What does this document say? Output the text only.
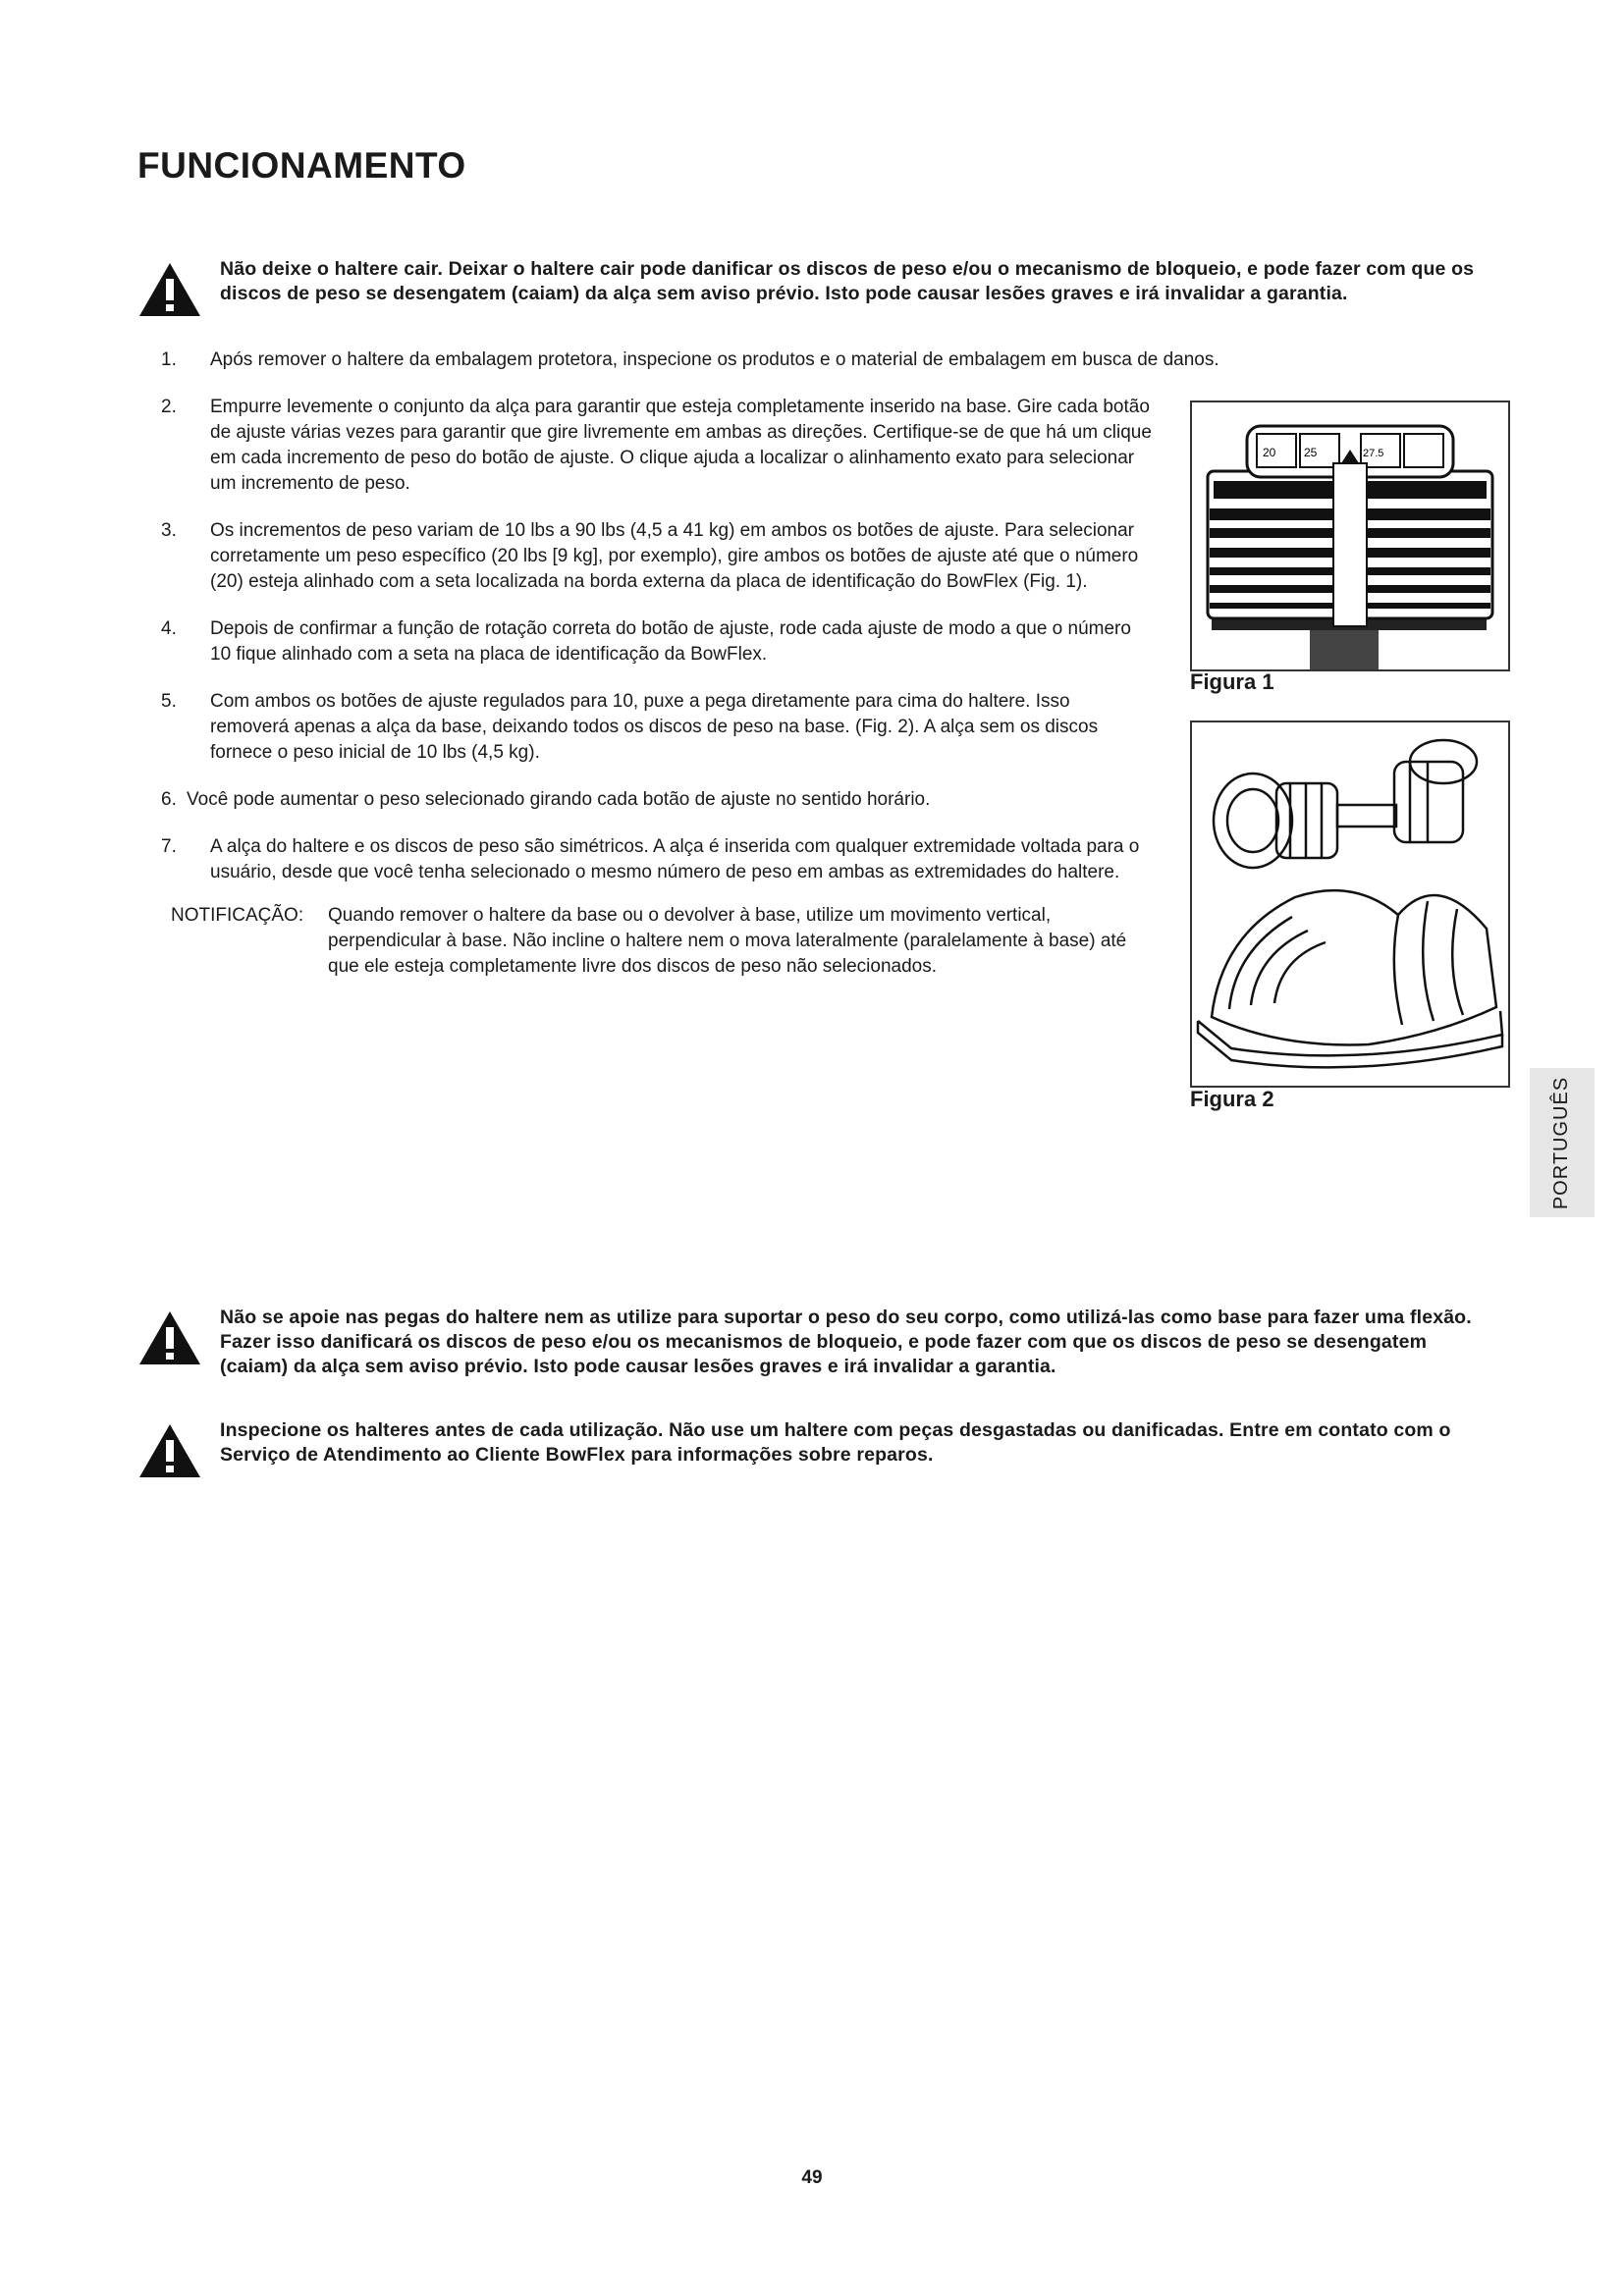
FUNCIONAMENTO

Não deixe o haltere cair. Deixar o haltere cair pode danificar os discos de peso e/ou o mecanismo de bloqueio, e pode fazer com que os discos de peso se desengatem (caiam) da alça sem aviso prévio. Isto pode causar lesões graves e irá invalidar a garantia.

1.	Após remover o haltere da embalagem protetora, inspecione os produtos e o material de embalagem em busca de danos.
2.	Empurre levemente o conjunto da alça para garantir que esteja completamente inserido na base. Gire cada botão de ajuste várias vezes para garantir que gire livremente em ambas as direções. Certifique-se de que há um clique em cada incremento de peso do botão de ajuste. O clique ajuda a localizar o alinhamento exato para selecionar um incremento de peso.
3.	Os incrementos de peso variam de 10 lbs a 90 lbs (4,5 a 41 kg) em ambos os botões de ajuste. Para selecionar corretamente um peso específico (20 lbs [9 kg], por exemplo), gire ambos os botões de ajuste até que o número (20) esteja alinhado com a seta localizada na borda externa da placa de identificação do BowFlex (Fig. 1).
4.	Depois de confirmar a função de rotação correta do botão de ajuste, rode cada ajuste de modo a que o número 10 fique alinhado com a seta na placa de identificação da BowFlex.
5.	Com ambos os botões de ajuste regulados para 10, puxe a pega diretamente para cima do haltere. Isso removerá apenas a alça da base, deixando todos os discos de peso na base. (Fig. 2). A alça sem os discos fornece o peso inicial de 10 lbs (4,5 kg).
6. Você pode aumentar o peso selecionado girando cada botão de ajuste no sentido horário.
7.	A alça do haltere e os discos de peso são simétricos. A alça é inserida com qualquer extremidade voltada para o usuário, desde que você tenha selecionado o mesmo número de peso em ambas as extremidades do haltere.
NOTIFICAÇÃO:	Quando remover o haltere da base ou o devolver à base, utilize um movimento vertical, perpendicular à base. Não incline o haltere nem o mova lateralmente (paralelamente à base) até que ele esteja completamente livre dos discos de peso não selecionados.
20 25	27.5
Figura 1
Figura 2	PORTUGUÊS

Não se apoie nas pegas do haltere nem as utilize para suportar o peso do seu corpo, como utilizá-las como base para fazer uma flexão. Fazer isso danificará os discos de peso e/ou os mecanismos de bloqueio, e pode fazer com que os discos de peso se desengatem (caiam) da alça sem aviso prévio. Isto pode causar lesões graves e irá invalidar a garantia.

Inspecione os halteres antes de cada utilização. Não use um haltere com peças desgastadas ou danificadas. Entre em contato com o Serviço de Atendimento ao Cliente BowFlex para informações sobre reparos.

49
